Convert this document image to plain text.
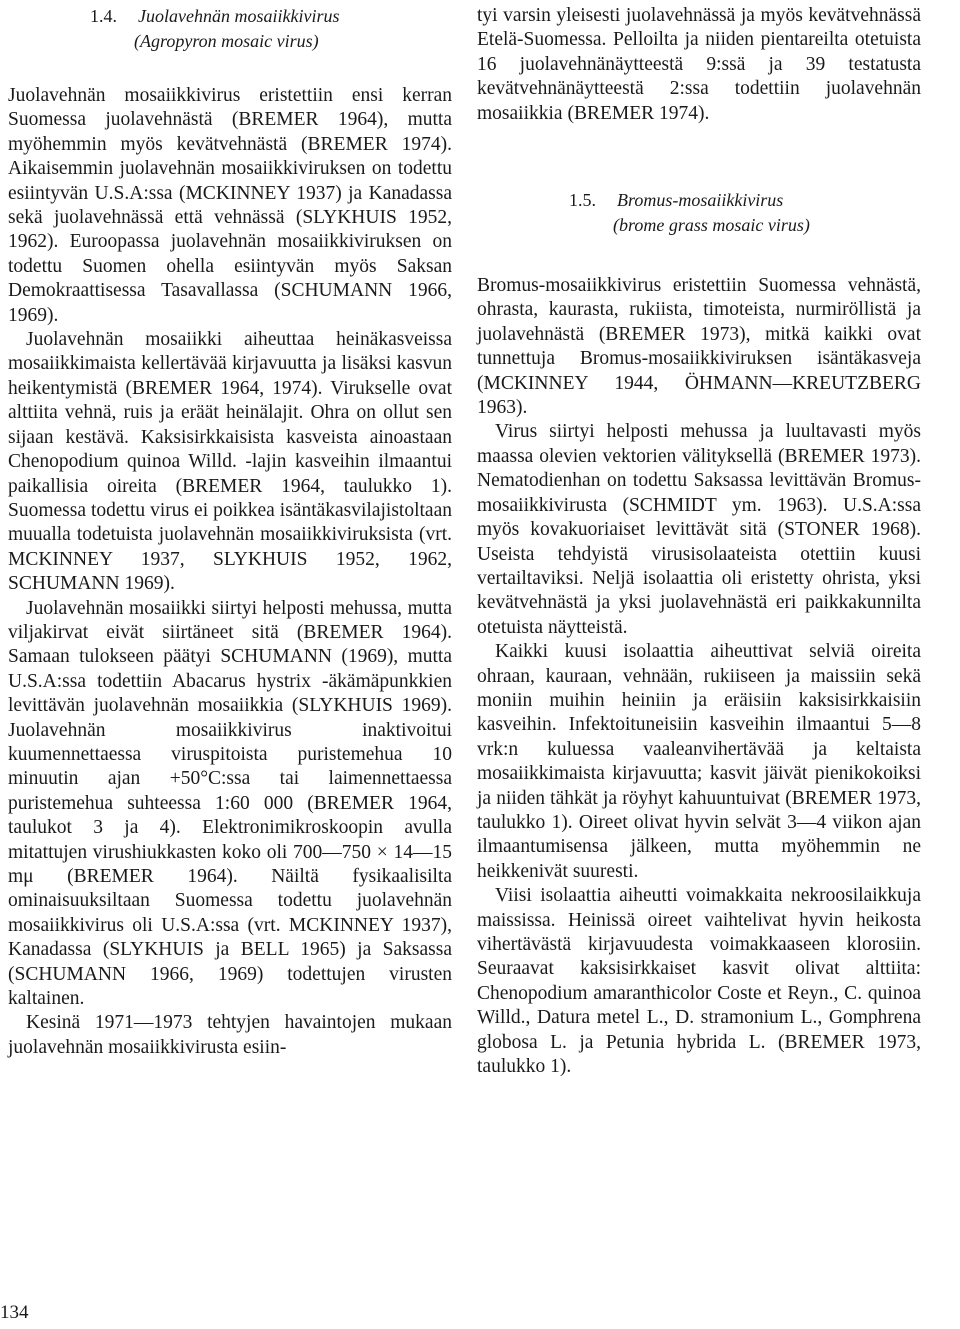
1.4. Juolavehnän mosaiikkivirus
(Agropyron mosaic virus)

Juolavehnän mosaiikkivirus eristettiin ensi kerran Suomessa juolavehnästä (BREMER 1964), mutta myöhemmin myös kevätvehnästä (BREMER 1974). Aikaisemmin juolavehnän mosaiikkiviruksen on todettu esiintyvän U.S.A:ssa (MCKINNEY 1937) ja Kanadassa sekä juolavehnässä että vehnässä (SLYKHUIS 1952, 1962). Euroopassa juolavehnän mosaiikkiviruksen on todettu Suomen ohella esiintyvän myös Saksan Demokraattisessa Tasavallassa (SCHUMANN 1966, 1969).

Juolavehnän mosaiikki aiheuttaa heinäkasveissa mosaiikkimaista kellertävää kirjavuutta ja lisäksi kasvun heikentymistä (BREMER 1964, 1974). Virukselle ovat alttiita vehnä, ruis ja eräät heinälajit. Ohra on ollut sen sijaan kestävä. Kaksisirkkaisista kasveista ainoastaan Chenopodium quinoa Willd. -lajin kasveihin ilmaantui paikallisia oireita (BREMER 1964, taulukko 1). Suomessa todettu virus ei poikkea isäntäkasvilajistoltaan muualla todetuista juolavehnän mosaiikkiviruksista (vrt. MCKINNEY 1937, SLYKHUIS 1952, 1962, SCHUMANN 1969).

Juolavehnän mosaiikki siirtyi helposti mehussa, mutta viljakirvat eivät siirtäneet sitä (BREMER 1964). Samaan tulokseen päätyi SCHUMANN (1969), mutta U.S.A:ssa todettiin Abacarus hystrix -äkämäpunkkien levittävän juolavehnän mosaiikkia (SLYKHUIS 1969). Juolavehnän mosaiikkivirus inaktivoitui kuumennettaessa viruspitoista puristemehua 10 minuutin ajan +50°C:ssa tai laimennettaessa puristemehua suhteessa 1:60 000 (BREMER 1964, taulukot 3 ja 4). Elektronimikroskoopin avulla mitattujen virushiukkasten koko oli 700—750 × 14—15 mμ (BREMER 1964). Näiltä fysikaalisilta ominaisuuksiltaan Suomessa todettu juolavehnän mosaiikkivirus oli U.S.A:ssa (vrt. MCKINNEY 1937), Kanadassa (SLYKHUIS ja BELL 1965) ja Saksassa (SCHUMANN 1966, 1969) todettujen virusten kaltainen.

Kesinä 1971—1973 tehtyjen havaintojen mukaan juolavehnän mosaiikkivirusta esiin-

tyi varsin yleisesti juolavehnässä ja myös kevätvehnässä Etelä-Suomessa. Pelloilta ja niiden pientareilta otetuista 16 juolavehnänäytteestä 9:ssä ja 39 testatusta kevätvehnänäytteestä 2:ssa todettiin juolavehnän mosaiikkia (BREMER 1974).

1.5. Bromus-mosaiikkivirus
(brome grass mosaic virus)

Bromus-mosaiikkivirus eristettiin Suomessa vehnästä, ohrasta, kaurasta, rukiista, timoteista, nurmiröllistä ja juolavehnästä (BREMER 1973), mitkä kaikki ovat tunnettuja Bromus-mosaiikkiviruksen isäntäkasveja (MCKINNEY 1944, ÖHMANN—KREUTZBERG 1963).

Virus siirtyi helposti mehussa ja luultavasti myös maassa olevien vektorien välityksellä (BREMER 1973). Nematodienhan on todettu Saksassa levittävän Bromus-mosaiikkivirusta (SCHMIDT ym. 1963). U.S.A:ssa myös kovakuoriaiset levittävät sitä (STONER 1968). Useista tehdyistä virusisolaateista otettiin kuusi vertailtaviksi. Neljä isolaattia oli eristetty ohrista, yksi kevätvehnästä ja yksi juolavehnästä eri paikkakunnilta otetuista näytteistä.

Kaikki kuusi isolaattia aiheuttivat selviä oireita ohraan, kauraan, vehnään, rukiiseen ja maissiin sekä moniin muihin heiniin ja eräisiin kaksisirkkaisiin kasveihin. Infektoituneisiin kasveihin ilmaantui 5—8 vrk:n kuluessa vaaleanvihertävää ja keltaista mosaiikkimaista kirjavuutta; kasvit jäivät pienikokoiksi ja niiden tähkät ja röyhyt kahuuntuivat (BREMER 1973, taulukko 1). Oireet olivat hyvin selvät 3—4 viikon ajan ilmaantumisensa jälkeen, mutta myöhemmin ne heikkenivät suuresti.

Viisi isolaattia aiheutti voimakkaita nekroosilaikkuja maississa. Heinissä oireet vaihtelivat hyvin heikosta vihertävästä kirjavuudesta voimakkaaseen klorosiin. Seuraavat kaksisirkkaiset kasvit olivat alttiita: Chenopodium amaranthicolor Coste et Reyn., C. quinoa Willd., Datura metel L., D. stramonium L., Gomphrena globosa L. ja Petunia hybrida L. (BREMER 1973, taulukko 1).

134
